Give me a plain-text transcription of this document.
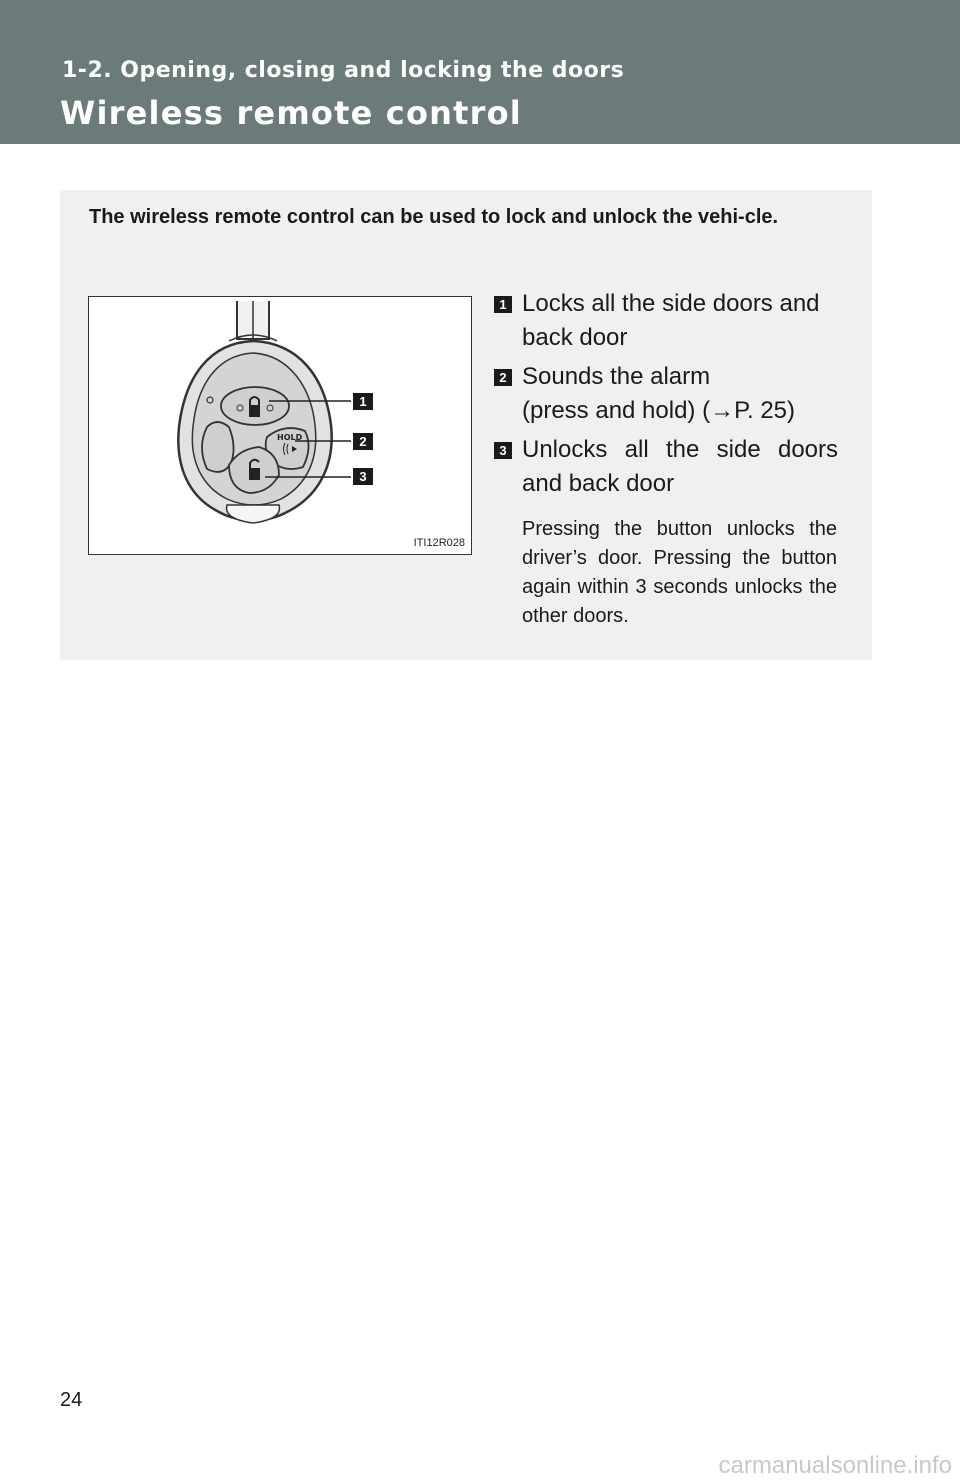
1-2. Opening, closing and locking the doors
Wireless remote control
The wireless remote control can be used to lock and unlock the vehi-cle.
HOLD
1
2
3
ITI12R028
1 Locks all the side doors and
back door
2 Sounds the alarm
(press and hold) (→P. 25)
3 Unlocks all the side doors
and back door
Pressing the button unlocks the driver’s door. Pressing the button again within 3 seconds unlocks the other doors.
24
carmanualsonline.info
